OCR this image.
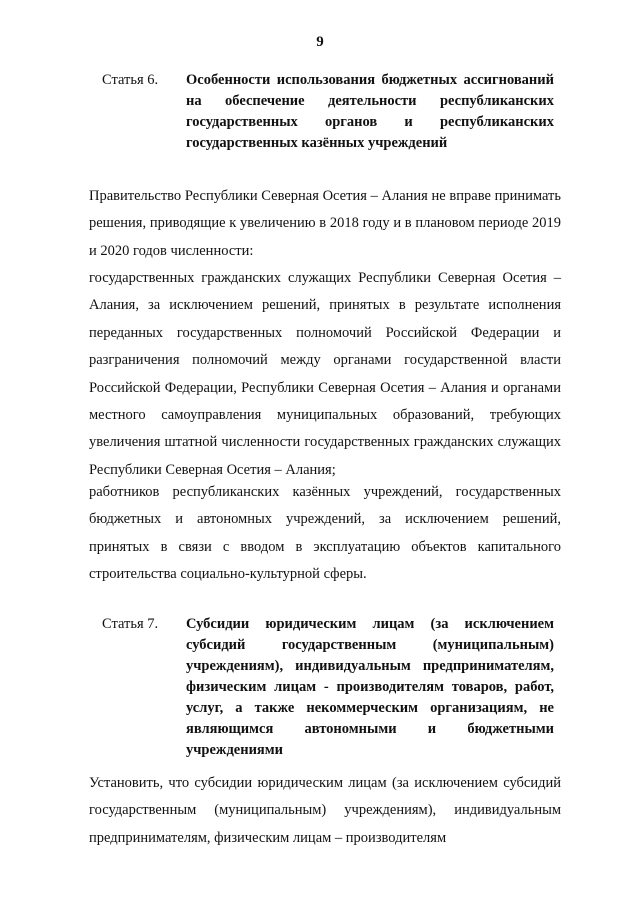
9
Статья 6.	Особенности использования бюджетных ассигнований на обеспечение деятельности республиканских государственных органов и республиканских государственных казённых учреждений
Правительство Республики Северная Осетия – Алания не вправе принимать решения, приводящие к увеличению в 2018 году и в плановом периоде 2019 и 2020 годов численности:
государственных гражданских служащих Республики Северная Осетия – Алания, за исключением решений, принятых в результате исполнения переданных государственных полномочий Российской Федерации и разграничения полномочий между органами государственной власти Российской Федерации, Республики Северная Осетия – Алания и органами местного самоуправления муниципальных образований, требующих увеличения штатной численности государственных гражданских служащих Республики Северная Осетия – Алания;
работников республиканских казённых учреждений, государственных бюджетных и автономных учреждений, за исключением решений, принятых в связи с вводом в эксплуатацию объектов капитального строительства социально-культурной сферы.
Статья 7.	Субсидии юридическим лицам (за исключением субсидий государственным (муниципальным) учреждениям), индивидуальным предпринимателям, физическим лицам - производителям товаров, работ, услуг, а также некоммерческим организациям, не являющимся автономными и бюджетными учреждениями
Установить, что субсидии юридическим лицам (за исключением субсидий государственным (муниципальным) учреждениям), индивидуальным предпринимателям, физическим лицам – производителям
